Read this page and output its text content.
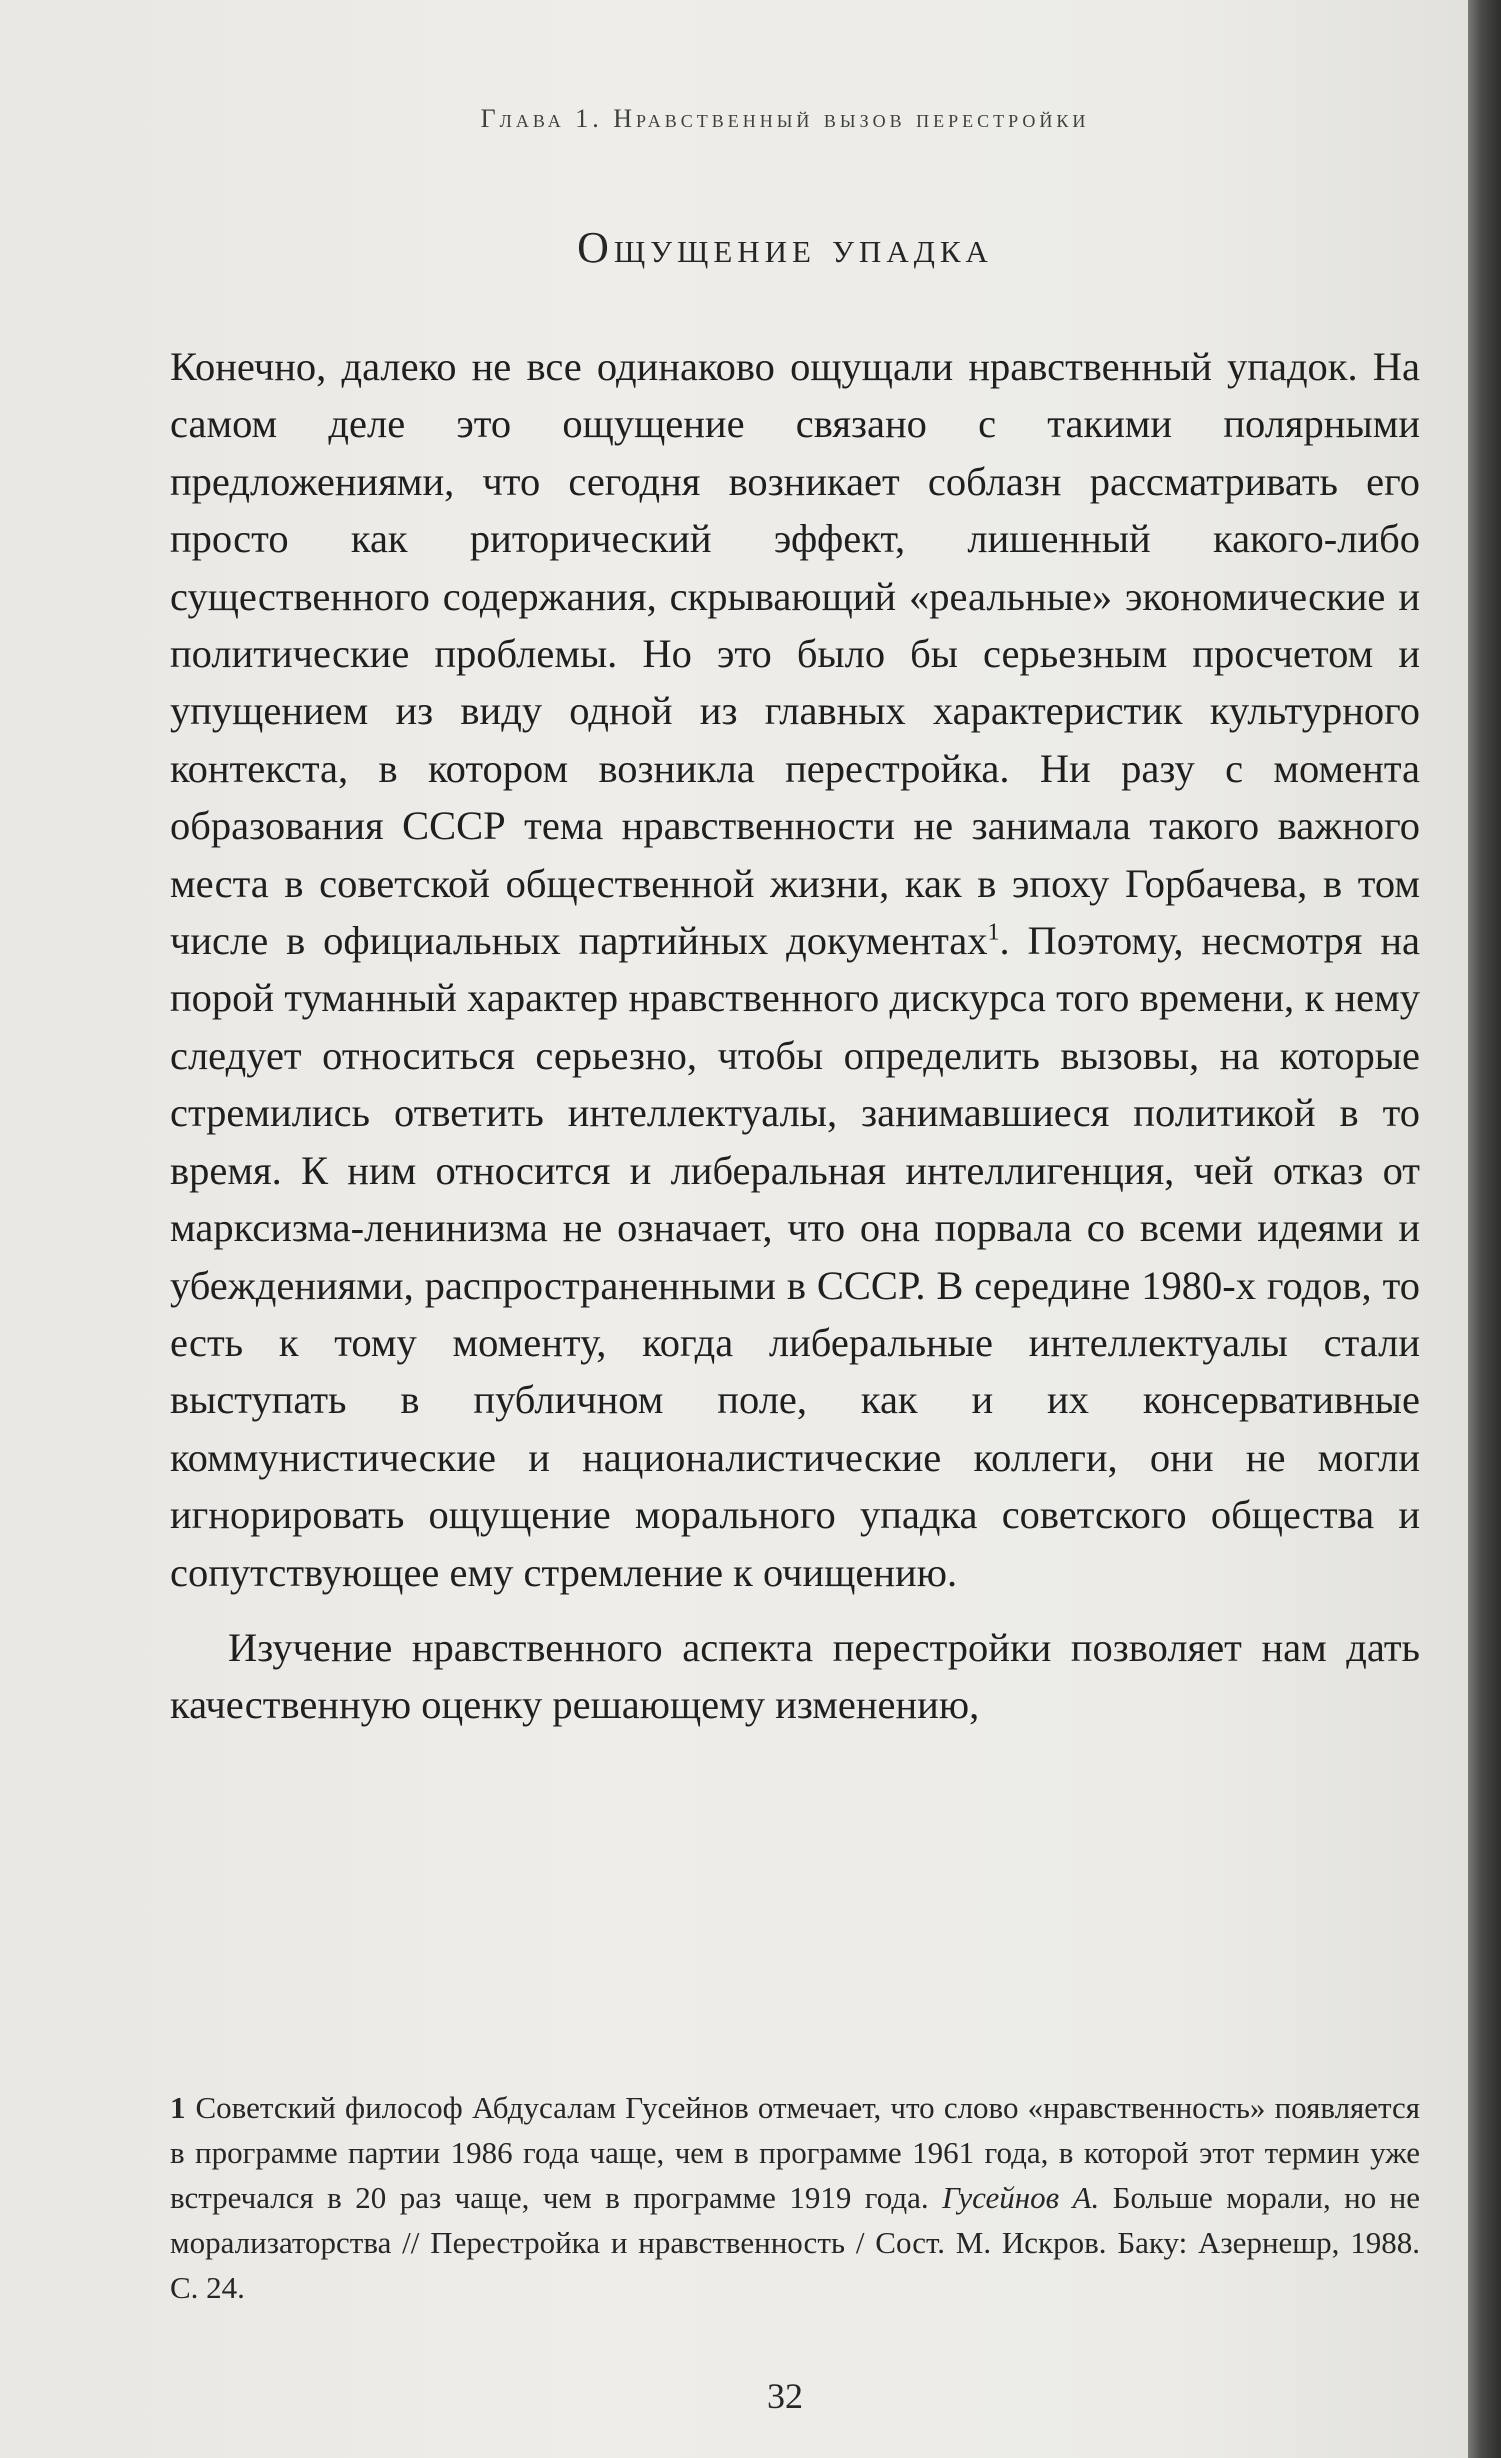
Глава 1. Нравственный вызов перестройки
Ощущение упадка

Конечно, далеко не все одинаково ощущали нравственный упадок. На самом деле это ощущение связано с такими полярными предложениями, что сегодня возникает соблазн рассматривать его просто как риторический эффект, лишенный какого-либо существенного содержания, скрывающий «реальные» экономические и политические проблемы. Но это было бы серьезным просчетом и упущением из виду одной из главных характеристик культурного контекста, в котором возникла перестройка. Ни разу с момента образования СССР тема нравственности не занимала такого важного места в советской общественной жизни, как в эпоху Горбачева, в том числе в официальных партийных документах$^1$. Поэтому, несмотря на порой туманный характер нравственного дискурса того времени, к нему следует относиться серьезно, чтобы определить вызовы, на которые стремились ответить интеллектуалы, занимавшиеся политикой в то время. К ним относится и либеральная интеллигенция, чей отказ от марксизма-ленинизма не означает, что она порвала со всеми идеями и убеждениями, распространенными в СССР. В середине 1980-х годов, то есть к тому моменту, когда либеральные интеллектуалы стали выступать в публичном поле, как и их консервативные коммунистические и националистические коллеги, они не могли игнорировать ощущение морального упадка советского общества и сопутствующее ему стремление к очищению.

Изучение нравственного аспекта перестройки позволяет нам дать качественную оценку решающему изменению,

1 Советский философ Абдусалам Гусейнов отмечает, что слово «нравственность» появляется в программе партии 1986 года чаще, чем в программе 1961 года, в которой этот термин уже встречался в 20 раз чаще, чем в программе 1919 года. Гусейнов А. Больше морали, но не морализаторства // Перестройка и нравственность / Сост. М. Искров. Баку: Азернешр, 1988. С. 24.
32
